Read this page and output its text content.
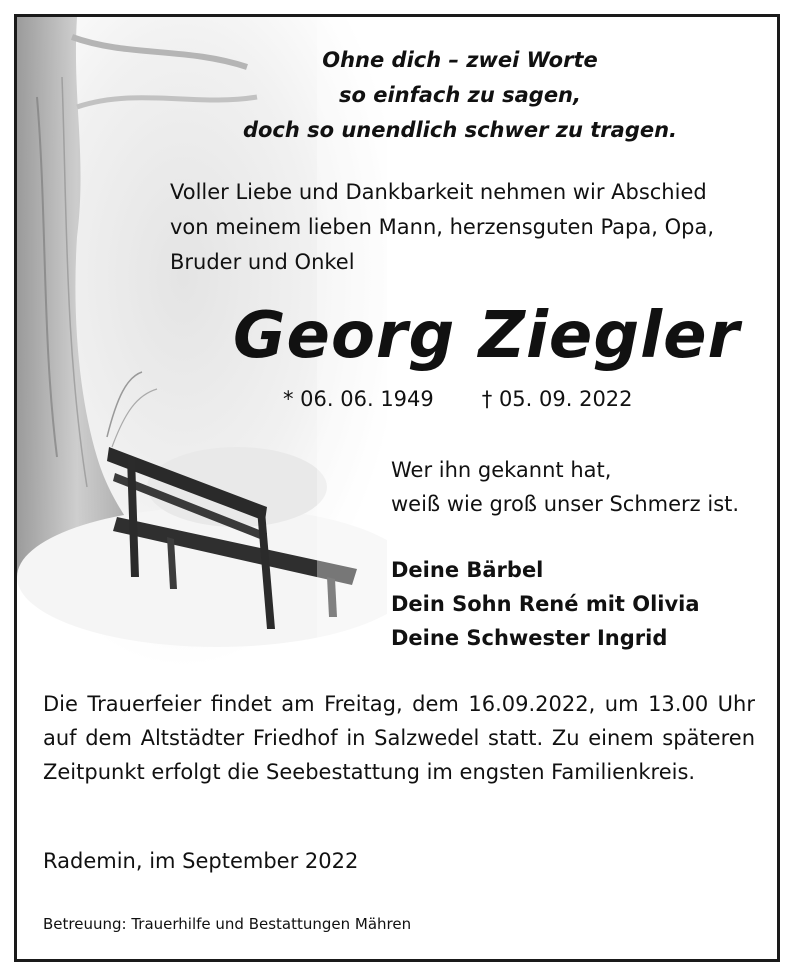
Ohne dich – zwei Worte
so einfach zu sagen,
doch so unendlich schwer zu tragen.
Voller Liebe und Dankbarkeit nehmen wir Abschied
von meinem lieben Mann, herzensguten Papa, Opa,
Bruder und Onkel
Georg Ziegler
* 06. 06. 1949 † 05. 09. 2022
Wer ihn gekannt hat,
weiß wie groß unser Schmerz ist.
Deine Bärbel
Dein Sohn René mit Olivia
Deine Schwester Ingrid
Die Trauerfeier findet am Freitag, dem 16.09.2022, um 13.00 Uhr auf dem Altstädter Friedhof in Salzwedel statt. Zu einem späteren Zeitpunkt erfolgt die Seebestattung im engsten Familienkreis.
Rademin, im September 2022
Betreuung: Trauerhilfe und Bestattungen Mähren
